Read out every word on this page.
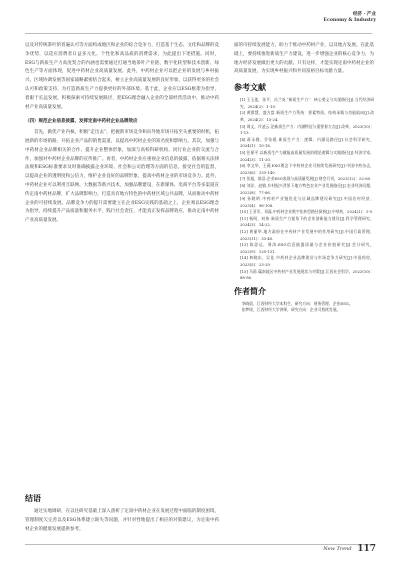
经济 · 产业
Economy & Industry

以及对传统茶叶的普遍认可等方面构成地区和企业的综合竞争力，打造基于生态、文化和品牌的竞争优势，以适应消费者日益多元化、个性化和高品质的消费需求，为此提出下述措施。同时，ESG与新质生产力高度契合的内涵也需要通过打通当地茶叶产业链、数字化转型和技术创新、绿色生产等方面体现，促进中药材企业高质量发展。此外，中药材企业可以把企业的发展与乡村振兴、区域协调发展等国家战略紧密结合起来，树立企业高质量发展的良好形象，以获得更多的社会认可和政策支持，为打造新质生产力提供更好的外部环境。基于此，企业应以ESG框架为指导，着眼于长远发展，积极探索可持续发展路径，把ESG理念融入企业的全部经营活动中，推动中药材产业高质量发展。

（四）规范企业信息披露，发挥定南中药材企业品牌效应

首先，做优产业内核，积极“走出去”，把握新市场竞争和向外地市场开拓至关重要的时机，拓展新的市场销路，开拓企业产品的销售渠道，以提高中药材企业的知名度和影响力。其次，加强与中药材企业品牌相关的合作，提升企业整体形象，加深与高校科研机构、同行业企业的交流与合作，加强对中药材企业品牌的宣传推广。再者，中药材企业应重视企业信息的披露，依据相关法律法规和ESG标准要求及时准确披露企业环境、社会和公司治理等方面的信息，接受社会的监督，以提高企业的透明度和公信力，维护企业良好的品牌形象，提高中药材企业的市场竞争力。此外，中药材企业可以利用互联网、大数据等新兴技术，加强品牌建设，在新媒体、电商平台等多渠道宣传定南中药材品牌，扩大品牌影响力，打造具有地方特色的中药材区域公共品牌，从而推动中药材企业的可持续发展。品牌竞争力的提升需要建立在企业ESG实践的基础之上，企业须以ESG理念为指导，持续提升产品质量和服务水平，践行社会责任，才能真正发挥品牌效应，推动定南中药材产业高质量发展。

结语

通过实地调研，在以往研究基础上深入剖析了定南中药材企业在发展过程中面临的制度困境，管理制度欠完善以及ESG体系建立缺失等问题，并针对性地提出了相应的对策建议，为定南中药材企业的健康发展提供参考。

面的可持续发展能力，助力于推动中药材产业，以及地方发展。在此基础上，要持续推进新质生产力建设，进一步增强企业的核心竞争力，为地方经济发展做出更大的贡献。只有这样，才能实现定南中药材企业的高质量发展，为实现乡村振兴和共同富裕目标贡献力量。

参考文献

[1] 王玉莲，张平，冯兰英.“新质生产力”：核心要义与实现路径[J].当代经济研究，2024(2)：1-10.

[2] 黄群慧，盛方富.新质生产力系统：要素特质、结构承载与功能取向[J].改革，2024(2)：15-24.

[3] 周文，许凌云.论新质生产力：内涵特征与重要着力点[J].改革，2023(10)：1-13.

[4] 蒋永穆，乔张媛.新质生产力：逻辑、内涵及路径[J].社会科学研究，2024(1)：10-18.

[5] 任保平.以新质生产力赋能高质量发展的理论逻辑与实践路径[J].经济学家，2024(3)：11-20.

[6] 李文华，王燕.ESG理念下中药材企业可持续发展研究[J].中国中药杂志，2023(6)：133-140.

[7] 张旭，陈浩.企业ESG表现与高质量发展[J].财会月刊，2023(12)：52-60.

[8] 刘洋，赵敏.乡村振兴背景下地方特色农业产业发展路径[J].农业经济问题，2022(8)：77-86.

[9] 孙晓明.中药材产业链优化与区域品牌建设研究[J].中国农村经济，2023(4)：96-108.

[10] 王亚军，邓磊.中药材企业数字化转型路径探析[J].中草药，2024(1)：1-9.

[11] 杨明，何伟.新质生产力视角下的企业创新能力建设[J].科学管理研究，2024(3)：14-22.

[12] 黄丽华.地方政府在中药材产业发展中的作用研究[J].中国行政管理，2023(11)：33-40.

[13] 陈思远，周涛.ESG信息披露质量与企业价值研究[J].会计研究，2022(9)：120-131.

[14] 林晓东，吴佳.中药材企业品牌建设与市场竞争力研究[J].中国药房，2023(5)：23-29.

[15] 马莉.赣南地区中药材产业发展现状与对策[J].江西社会科学，2023(10)：88-96.

作者简介

李晓晨，江西财经大学本科生，研究方向：财务管理、企业ESG。

张梦瑶，江西财经大学讲师，研究方向：企业可持续发展。

New Trend 117
